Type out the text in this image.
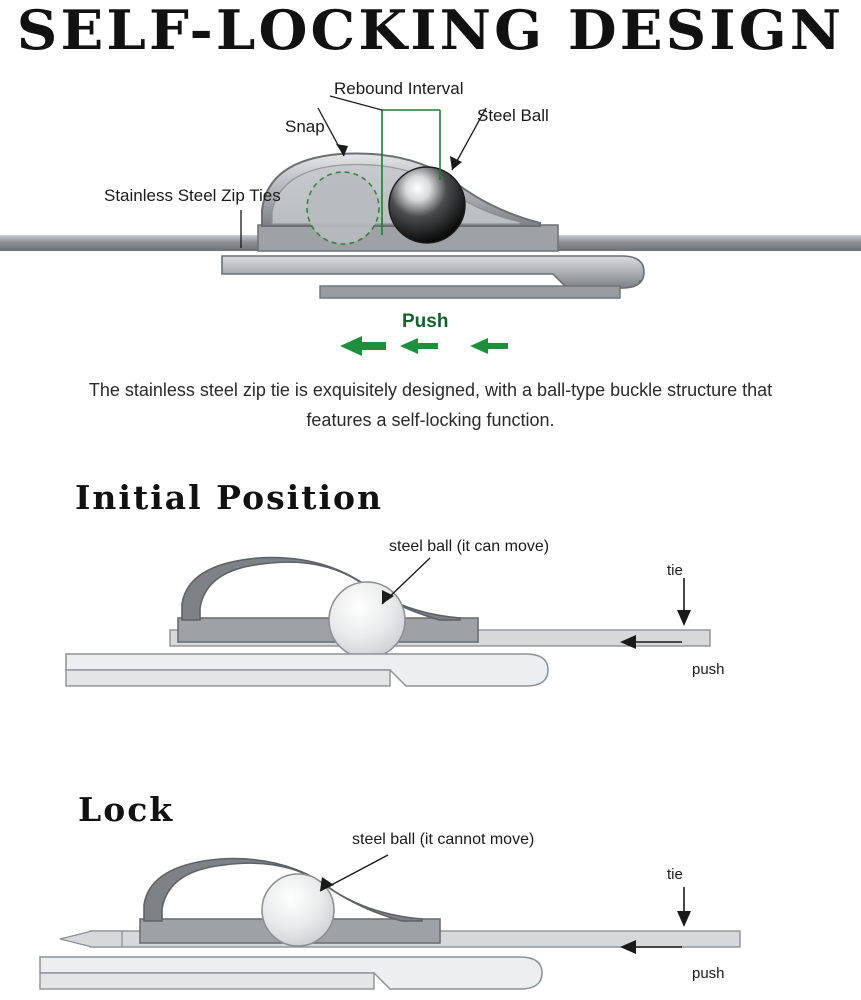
SELF-LOCKING DESIGN
Rebound Interval
Snap
Steel Ball
Stainless Steel Zip Ties
Push
The stainless steel zip tie is exquisitely designed, with a ball-type buckle structure that features a self-locking function.
Initial Position
steel ball (it can move)
tie
push
Lock
steel ball (it cannot move)
tie
push
